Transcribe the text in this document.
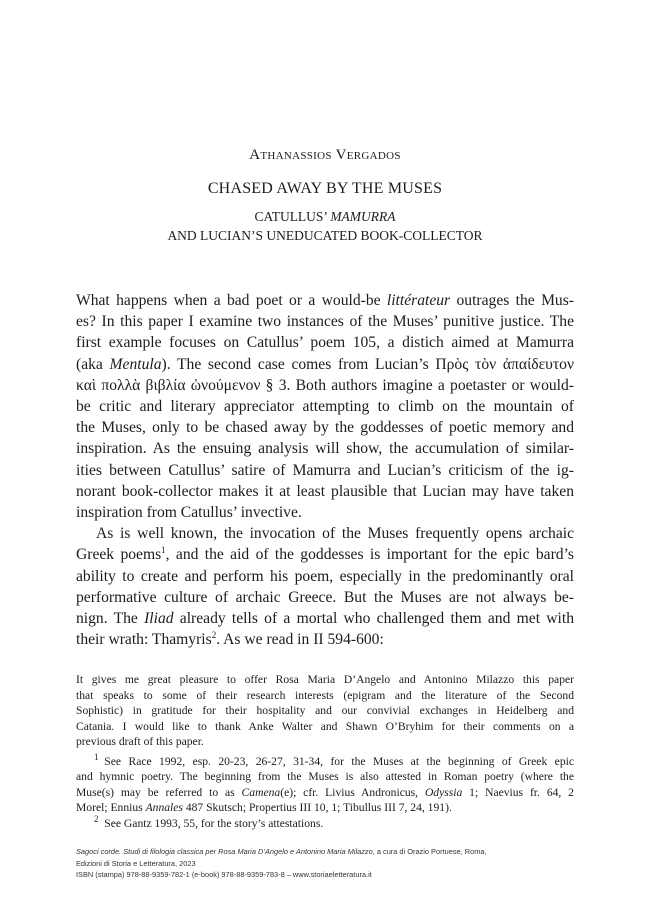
Athanassios Vergados
CHASED AWAY BY THE MUSES
CATULLUS’ MAMURRA
AND LUCIAN’S UNEDUCATED BOOK-COLLECTOR
What happens when a bad poet or a would-be littérateur outrages the Mus-
es? In this paper I examine two instances of the Muses’ punitive justice. The
first example focuses on Catullus’ poem 105, a distich aimed at Mamurra
(aka Mentula). The second case comes from Lucian’s Πρὸς τὸν ἀπαίδευτον
καὶ πολλὰ βιβλία ὠνούμενον § 3. Both authors imagine a poetaster or would-
be critic and literary appreciator attempting to climb on the mountain of
the Muses, only to be chased away by the goddesses of poetic memory and
inspiration. As the ensuing analysis will show, the accumulation of similar-
ities between Catullus’ satire of Mamurra and Lucian’s criticism of the ig-
norant book-collector makes it at least plausible that Lucian may have taken
inspiration from Catullus’ invective.
As is well known, the invocation of the Muses frequently opens archaic
Greek poems$^1$, and the aid of the goddesses is important for the epic bard’s
ability to create and perform his poem, especially in the predominantly oral
performative culture of archaic Greece. But the Muses are not always be-
nign. The Iliad already tells of a mortal who challenged them and met with
their wrath: Thamyris$^2$. As we read in II 594-600:
It gives me great pleasure to offer Rosa Maria D’Angelo and Antonino Milazzo this paper
that speaks to some of their research interests (epigram and the literature of the Second
Sophistic) in gratitude for their hospitality and our convivial exchanges in Heidelberg and
Catania. I would like to thank Anke Walter and Shawn O’Bryhim for their comments on a
previous draft of this paper.
$^1$  See Race 1992, esp. 20-23, 26-27, 31-34, for the Muses at the beginning of Greek epic
and hymnic poetry. The beginning from the Muses is also attested in Roman poetry (where the
Muse(s) may be referred to as Camena(e); cfr. Livius Andronicus, Odyssia 1; Naevius fr. 64, 2
Morel; Ennius Annales 487 Skutsch; Propertius III 10, 1; Tibullus III 7, 24, 191).
$^2$ See Gantz 1993, 55, for the story’s attestations.
Sagoci corde. Studi di filologia classica per Rosa Maria D’Angelo e Antonino Maria Milazzo, a cura di Orazio Portuese, Roma,
Edizioni di Storia e Letteratura, 2023
ISBN (stampa) 978-88-9359-782-1 (e-book) 978-88-9359-783-8 – www.storiaeletteratura.it
